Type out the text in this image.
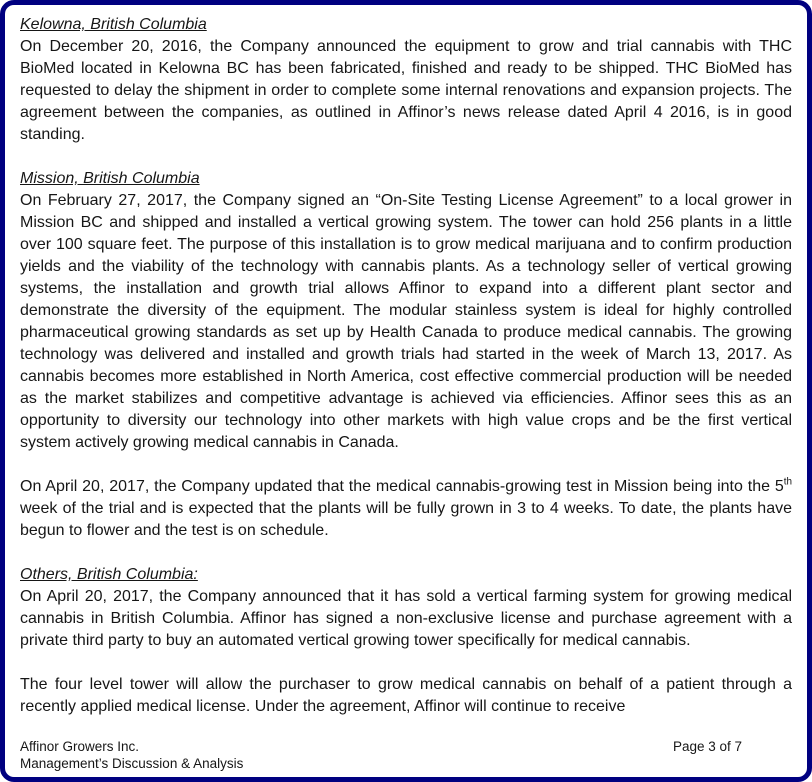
Kelowna, British Columbia

On December 20, 2016, the Company announced the equipment to grow and trial cannabis with THC BioMed located in Kelowna BC has been fabricated, finished and ready to be shipped. THC BioMed has requested to delay the shipment in order to complete some internal renovations and expansion projects. The agreement between the companies, as outlined in Affinor’s news release dated April 4 2016, is in good standing.

Mission, British Columbia

On February 27, 2017, the Company signed an “On-Site Testing License Agreement” to a local grower in Mission BC and shipped and installed a vertical growing system. The tower can hold 256 plants in a little over 100 square feet. The purpose of this installation is to grow medical marijuana and to confirm production yields and the viability of the technology with cannabis plants. As a technology seller of vertical growing systems, the installation and growth trial allows Affinor to expand into a different plant sector and demonstrate the diversity of the equipment. The modular stainless system is ideal for highly controlled pharmaceutical growing standards as set up by Health Canada to produce medical cannabis. The growing technology was delivered and installed and growth trials had started in the week of March 13, 2017. As cannabis becomes more established in North America, cost effective commercial production will be needed as the market stabilizes and competitive advantage is achieved via efficiencies. Affinor sees this as an opportunity to diversity our technology into other markets with high value crops and be the first vertical system actively growing medical cannabis in Canada.

On April 20, 2017, the Company updated that the medical cannabis-growing test in Mission being into the 5th week of the trial and is expected that the plants will be fully grown in 3 to 4 weeks. To date, the plants have begun to flower and the test is on schedule.

Others, British Columbia:

On April 20, 2017, the Company announced that it has sold a vertical farming system for growing medical cannabis in British Columbia. Affinor has signed a non-exclusive license and purchase agreement with a private third party to buy an automated vertical growing tower specifically for medical cannabis.

The four level tower will allow the purchaser to grow medical cannabis on behalf of a patient through a recently applied medical license. Under the agreement, Affinor will continue to receive

Affinor Growers Inc.
Management’s Discussion & Analysis
Page 3 of 7
